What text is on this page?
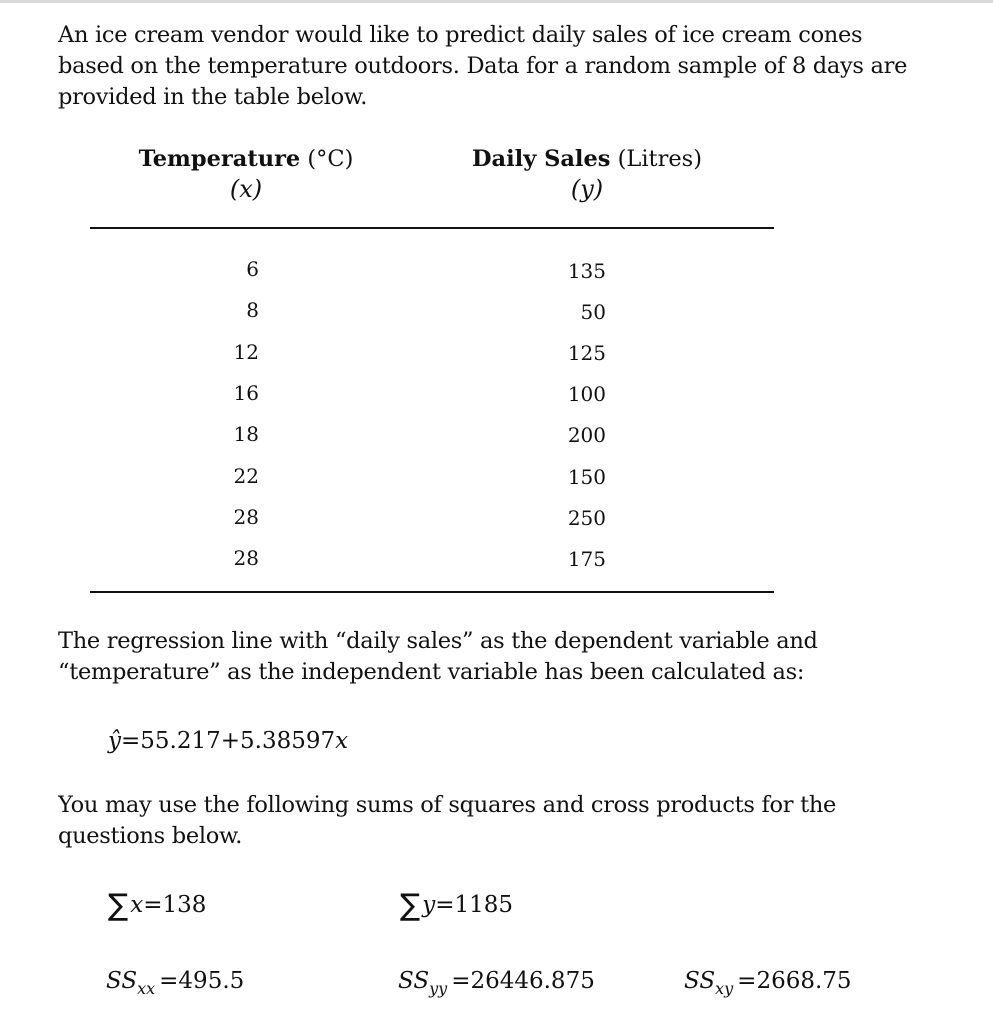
An ice cream vendor would like to predict daily sales of ice cream cones
based on the temperature outdoors. Data for a random sample of 8 days are
provided in the table below.
Temperature (°C)
(x)
Daily Sales (Litres)
(y)
6	135
8	50
12	125
16	100
18	200
22	150
28	250
28	175
The regression line with “daily sales” as the dependent variable and
“temperature” as the independent variable has been calculated as:
ŷ=55.217+5.38597x
You may use the following sums of squares and cross products for the
questions below.
∑x=138	∑y=1185
$SS_{xx} =495.5$	$SS_{yy} =26446.875$	$SS_{xy} =2668.75$
